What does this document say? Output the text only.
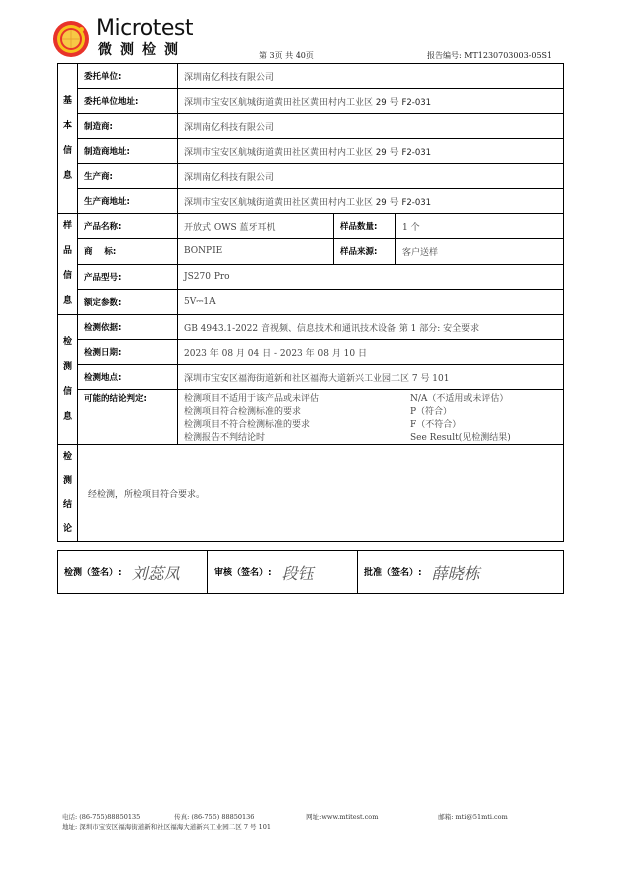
Microtest
微测检测	第 3页 共 40页	报告编号: MT1230703003-05S1
基
本
信
息	委托单位:	深圳南亿科技有限公司
委托单位地址:	深圳市宝安区航城街道黄田社区黄田村内工业区 29 号 F2-031
制造商:	深圳南亿科技有限公司
制造商地址:	深圳市宝安区航城街道黄田社区黄田村内工业区 29 号 F2-031
生产商:	深圳南亿科技有限公司
生产商地址:	深圳市宝安区航城街道黄田社区黄田村内工业区 29 号 F2-031
样
品
信
息	产品名称:	开放式 OWS 蓝牙耳机	样品数量:	1 个
商    标:	BONPIE	样品来源:	客户送样
产品型号:	JS270 Pro
额定参数:	5V⎓1A
检
测
信
息	检测依据:	GB 4943.1-2022 音视频、信息技术和通讯技术设备 第 1 部分: 安全要求
检测日期:	2023 年 08 月 04 日 - 2023 年 08 月 10 日
检测地点:	深圳市宝安区福海街道新和社区福海大道新兴工业园二区 7 号 101
可能的结论判定:		检测项目不适用于该产品或未评估	N/A（不适用或未评估）
检测项目符合检测标准的要求	P（符合）
检测项目不符合检测标准的要求	F（不符合）
检测报告不判结论时	See Result(见检测结果)

检
测
结
论	经检测，所检项目符合要求。
检测（签名）: 刘蕊凤	审核（签名）: 段钰	批准（签名）: 薛晓栋
电话: (86-755)88850135	传真: (86-755) 88850136	网址:www.mtitest.com	邮箱: mti@51mti.com
地址: 深圳市宝安区福海街道新和社区福海大道新兴工业园二区 7 号 101
